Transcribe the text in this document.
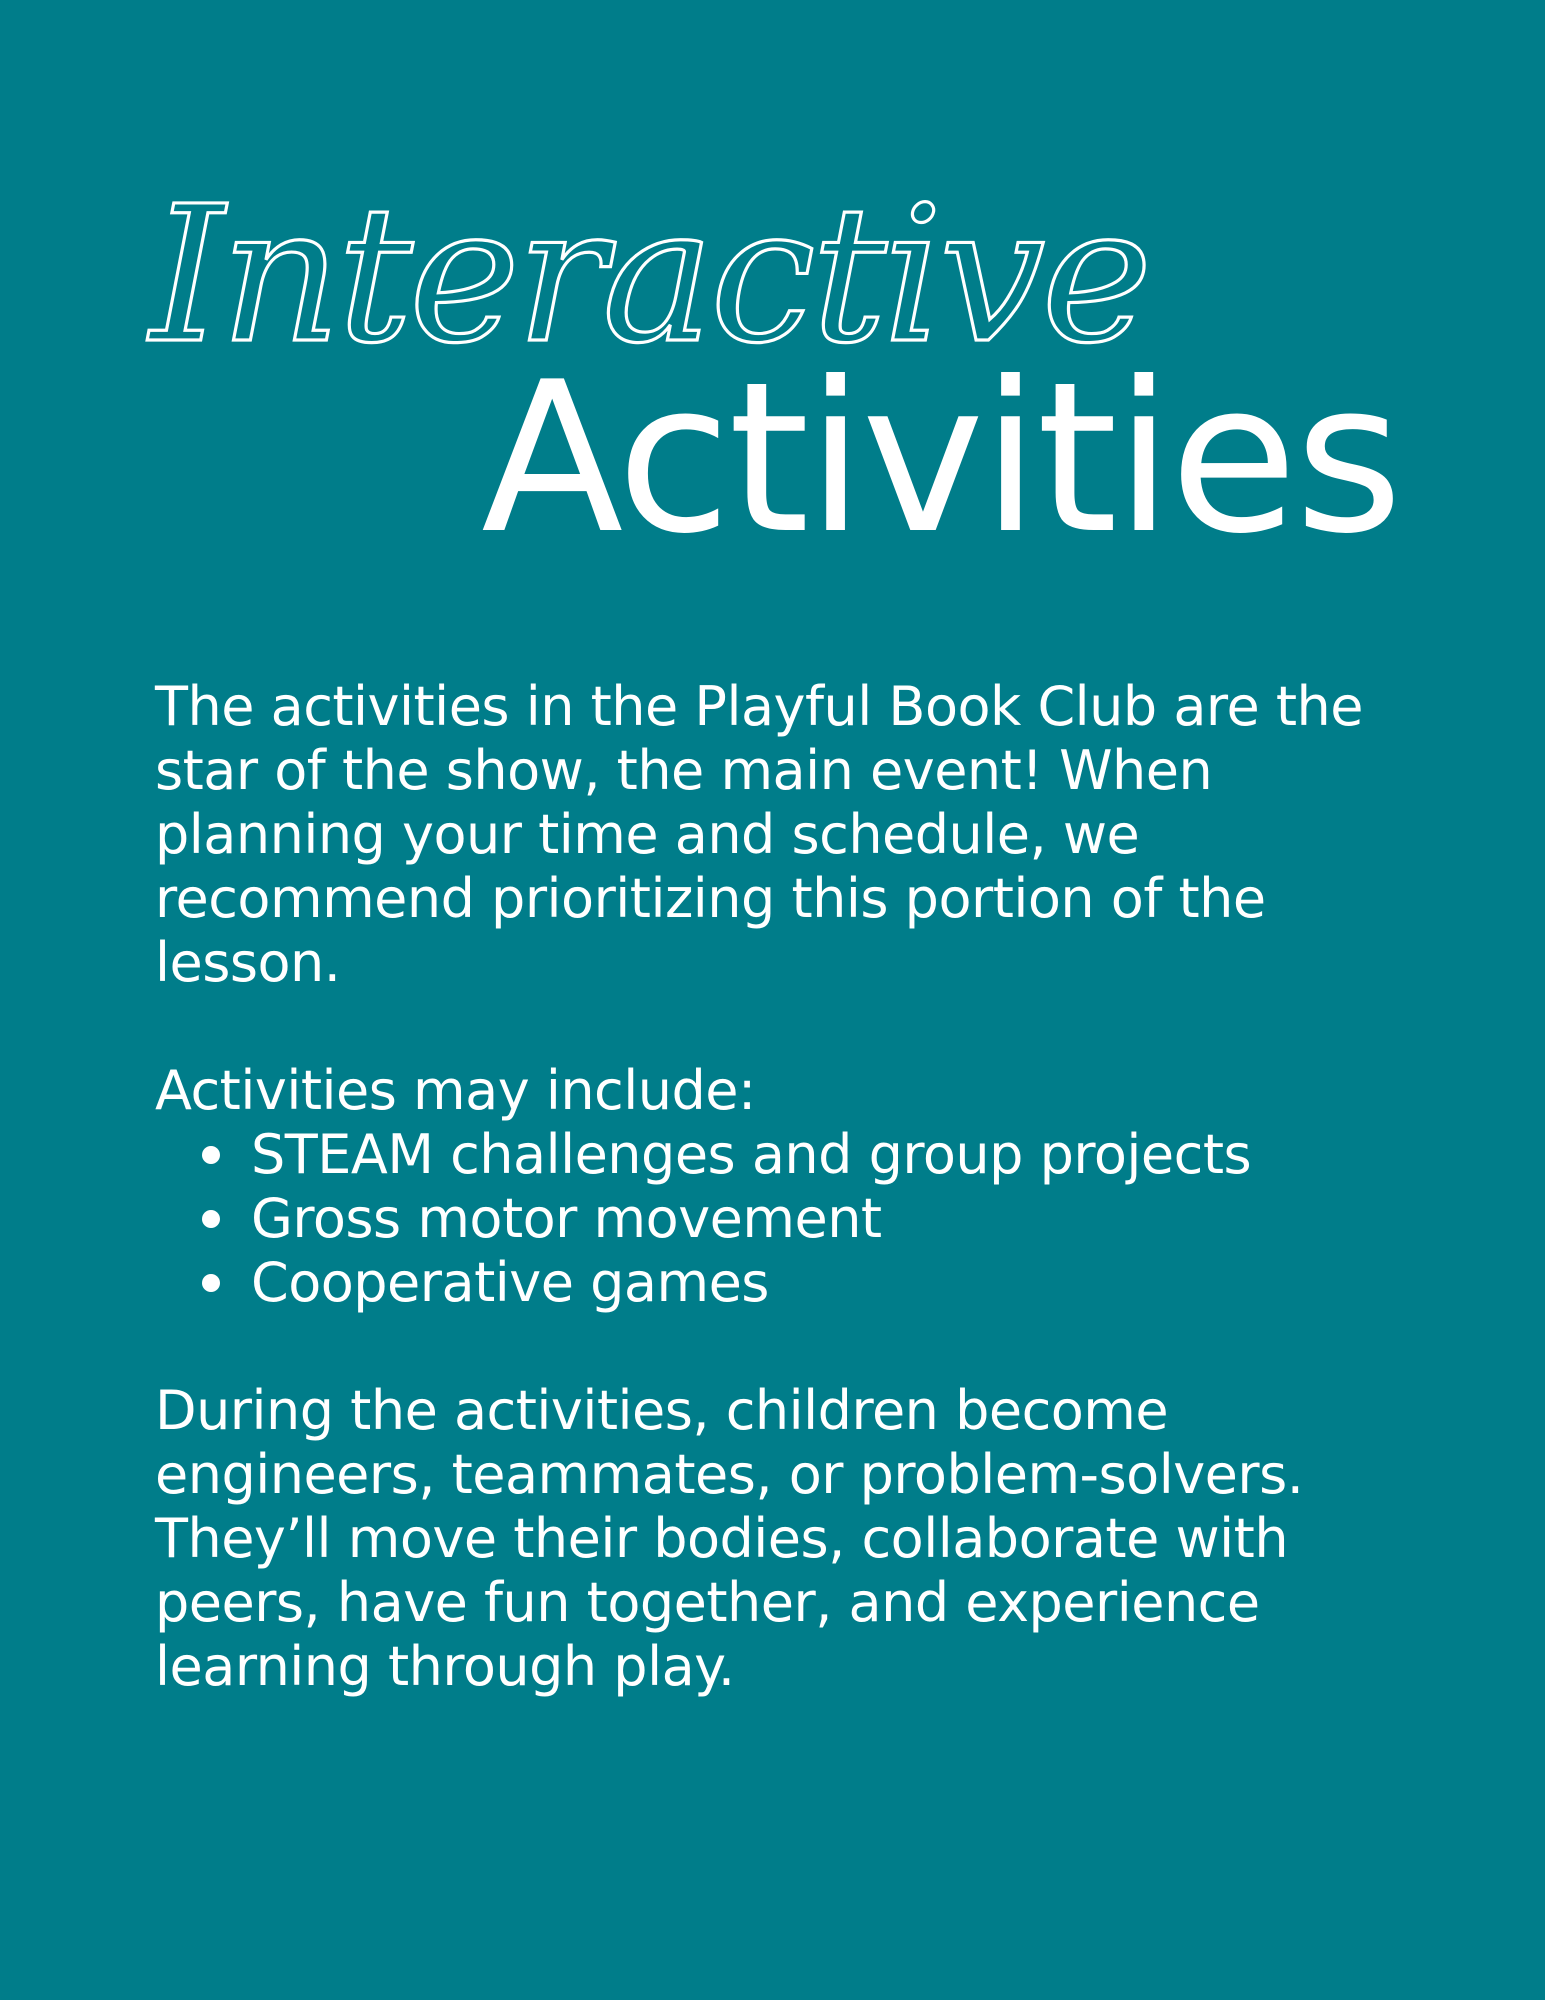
Interactive
Activities
The activities in the Playful Book Club are the
star of the show, the main event! When
planning your time and schedule, we
recommend prioritizing this portion of the
lesson.
Activities may include:
STEAM challenges and group projects
Gross motor movement
Cooperative games
During the activities, children become
engineers, teammates, or problem-solvers.
They’ll move their bodies, collaborate with
peers, have fun together, and experience
learning through play.
